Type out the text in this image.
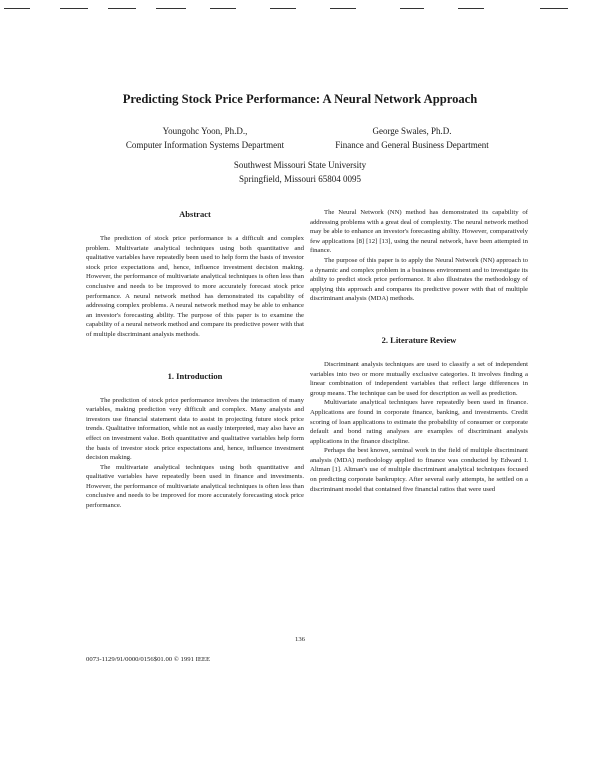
Predicting Stock Price Performance: A Neural Network Approach
Youngohc Yoon, Ph.D.,
Computer Information Systems Department
George Swales, Ph.D.
Finance and General Business Department
Southwest Missouri State University
Springfield, Missouri 65804 0095
Abstract

The prediction of stock price performance is a difficult and complex problem. Multivariate analytical techniques using both quantitative and qualitative variables have repeatedly been used to help form the basis of investor stock price expectations and, hence, influence investment decision making. However, the performance of multivariate analytical techniques is often less than conclusive and needs to be improved to more accurately forecast stock price performance. A neural network method has demonstrated its capability of addressing complex problems. A neural network method may be able to enhance an investor's forecasting ability. The purpose of this paper is to examine the capability of a neural network method and compare its predictive power with that of multiple discriminant analysis methods.

1. Introduction

The prediction of stock price performance involves the interaction of many variables, making prediction very difficult and complex. Many analysts and investors use financial statement data to assist in projecting future stock price trends. Qualitative information, while not as easily interpreted, may also have an effect on investment value. Both quantitative and qualitative variables help form the basis of investor stock price expectations and, hence, influence investment decision making.

The multivariate analytical techniques using both quantitative and qualitative variables have repeatedly been used in finance and investments. However, the performance of multivariate analytical techniques is often less than conclusive and needs to be improved for more accurately forecasting stock price performance.

The Neural Network (NN) method has demonstrated its capability of addressing problems with a great deal of complexity. The neural network method may be able to enhance an investor's forecasting ability. However, comparatively few applications [8] [12] [13], using the neural network, have been attempted in finance.

The purpose of this paper is to apply the Neural Network (NN) approach to a dynamic and complex problem in a business environment and to investigate its ability to predict stock price performance. It also illustrates the methodology of applying this approach and compares its predictive power with that of multiple discriminant analysis (MDA) methods.

2. Literature Review

Discriminant analysis techniques are used to classify a set of independent variables into two or more mutually exclusive categories. It involves finding a linear combination of independent variables that reflect large differences in group means. The technique can be used for description as well as prediction.

Multivariate analytical techniques have repeatedly been used in finance. Applications are found in corporate finance, banking, and investments. Credit scoring of loan applications to estimate the probability of consumer or corporate default and bond rating analyses are examples of discriminant analysis applications in the finance discipline.

Perhaps the best known, seminal work in the field of multiple discriminant analysis (MDA) methodology applied to finance was conducted by Edward I. Altman [1]. Altman's use of multiple discriminant analytical techniques focused on predicting corporate bankruptcy. After several early attempts, he settled on a discriminant model that contained five financial ratios that were used

136
0073-1129/91/0000/0156$01.00 © 1991 IEEE
